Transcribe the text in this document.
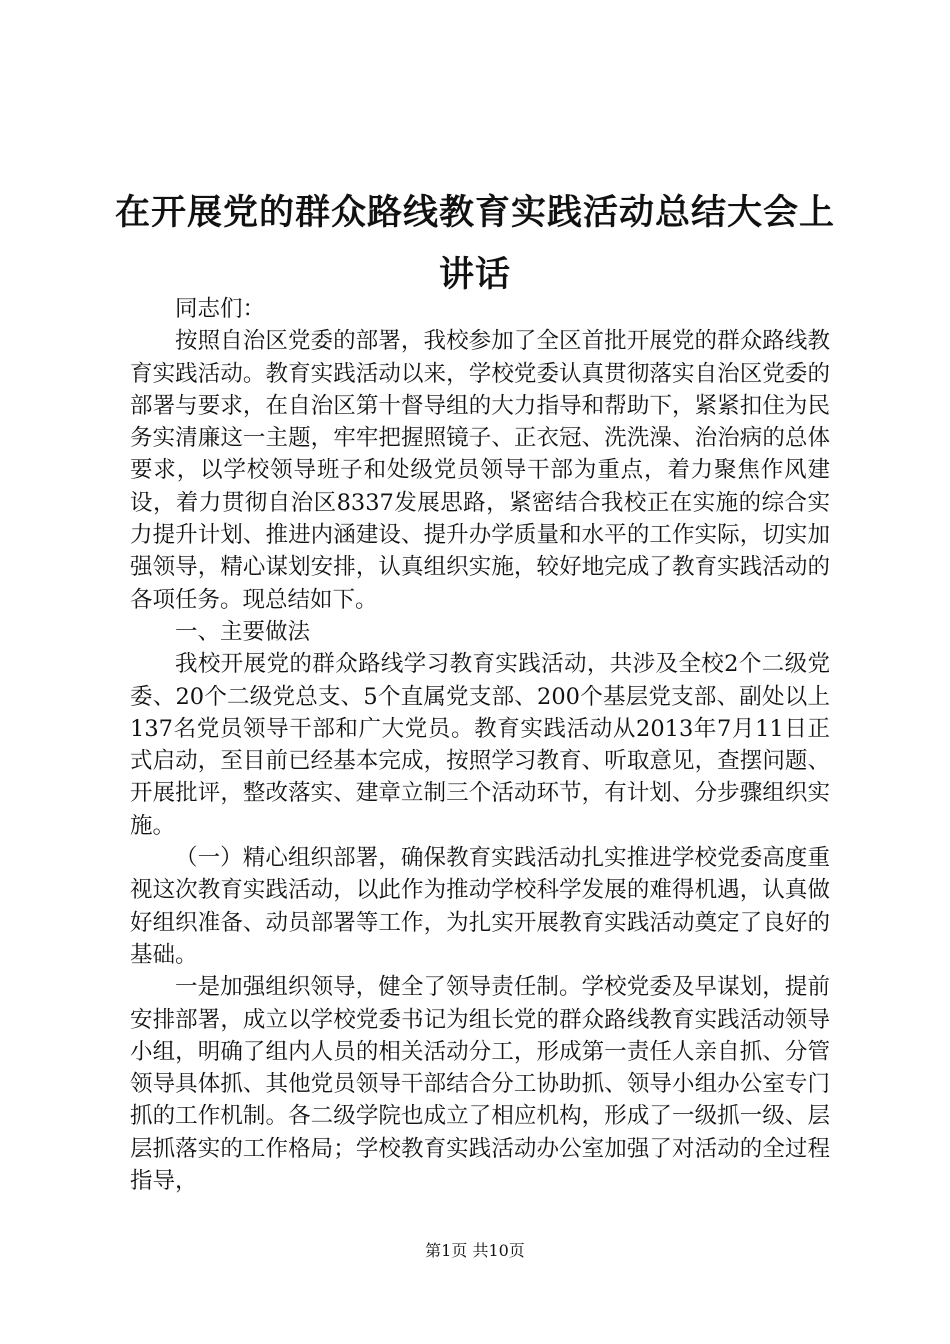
在开展党的群众路线教育实践活动总结大会上讲话

同志们：

按照自治区党委的部署，我校参加了全区首批开展党的群众路线教育实践活动。教育实践活动以来，学校党委认真贯彻落实自治区党委的部署与要求，在自治区第十督导组的大力指导和帮助下，紧紧扣住为民务实清廉这一主题，牢牢把握照镜子、正衣冠、洗洗澡、治治病的总体要求，以学校领导班子和处级党员领导干部为重点，着力聚焦作风建设，着力贯彻自治区8337发展思路，紧密结合我校正在实施的综合实力提升计划、推进内涵建设、提升办学质量和水平的工作实际，切实加强领导，精心谋划安排，认真组织实施，较好地完成了教育实践活动的各项任务。现总结如下。

一、主要做法

我校开展党的群众路线学习教育实践活动，共涉及全校2个二级党委、20个二级党总支、5个直属党支部、200个基层党支部、副处以上137名党员领导干部和广大党员。教育实践活动从2013年7月11日正式启动，至目前已经基本完成，按照学习教育、听取意见，查摆问题、开展批评，整改落实、建章立制三个活动环节，有计划、分步骤组织实施。

（一）精心组织部署，确保教育实践活动扎实推进学校党委高度重视这次教育实践活动，以此作为推动学校科学发展的难得机遇，认真做好组织准备、动员部署等工作，为扎实开展教育实践活动奠定了良好的基础。

一是加强组织领导，健全了领导责任制。学校党委及早谋划，提前安排部署，成立以学校党委书记为组长党的群众路线教育实践活动领导小组，明确了组内人员的相关活动分工，形成第一责任人亲自抓、分管领导具体抓、其他党员领导干部结合分工协助抓、领导小组办公室专门抓的工作机制。各二级学院也成立了相应机构，形成了一级抓一级、层层抓落实的工作格局；学校教育实践活动办公室加强了对活动的全过程指导，

第1页 共10页
